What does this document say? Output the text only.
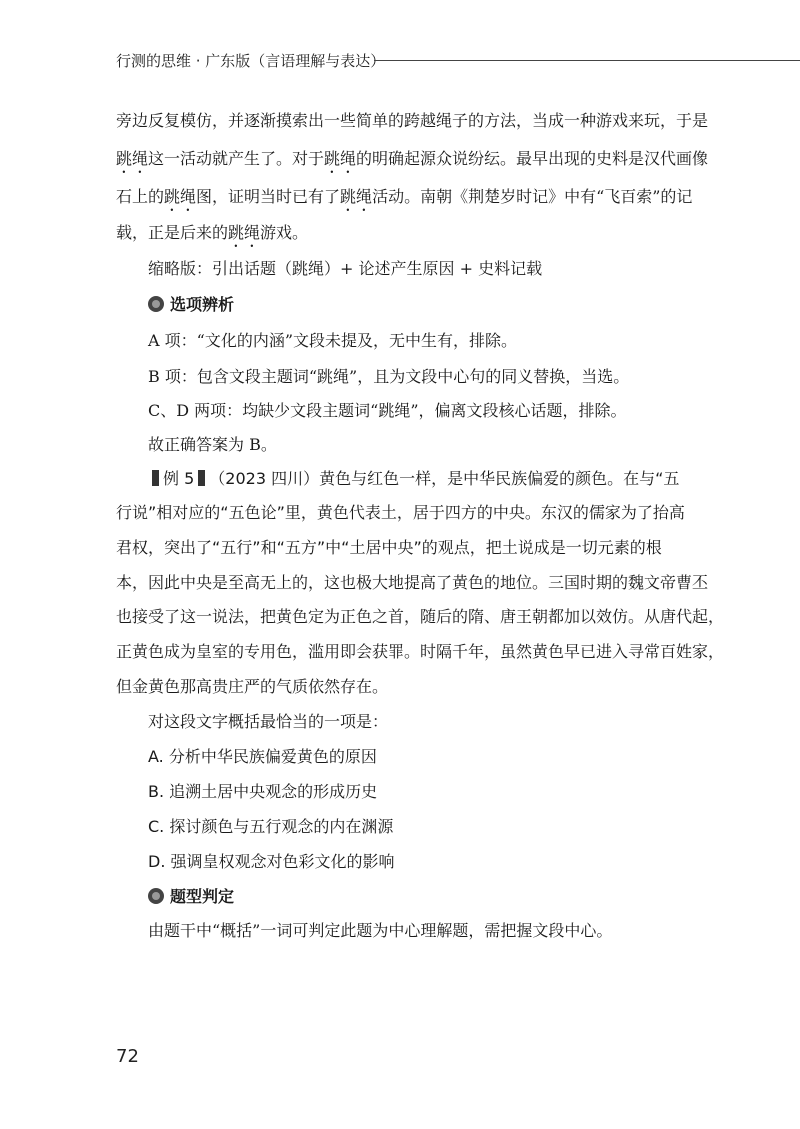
行测的思维 · 广东版（言语理解与表达）
旁边反复模仿，并逐渐摸索出一些简单的跨越绳子的方法，当成一种游戏来玩，于是
跳绳这一活动就产生了。对于跳绳的明确起源众说纷纭。最早出现的史料是汉代画像
石上的跳绳图，证明当时已有了跳绳活动。南朝《荆楚岁时记》中有“飞百索”的记
载，正是后来的跳绳游戏。
缩略版：引出话题（跳绳）+ 论述产生原因 + 史料记载
选项辨析
A 项：“文化的内涵”文段未提及，无中生有，排除。
B 项：包含文段主题词“跳绳”，且为文段中心句的同义替换，当选。
C、D 两项：均缺少文段主题词“跳绳”，偏离文段核心话题，排除。
故正确答案为 B。
例 5 （2023 四川）黄色与红色一样，是中华民族偏爱的颜色。在与“五
行说”相对应的“五色论”里，黄色代表土，居于四方的中央。东汉的儒家为了抬高
君权，突出了“五行”和“五方”中“土居中央”的观点，把土说成是一切元素的根
本，因此中央是至高无上的，这也极大地提高了黄色的地位。三国时期的魏文帝曹丕
也接受了这一说法，把黄色定为正色之首，随后的隋、唐王朝都加以效仿。从唐代起，
正黄色成为皇室的专用色，滥用即会获罪。时隔千年，虽然黄色早已进入寻常百姓家，
但金黄色那高贵庄严的气质依然存在。
对这段文字概括最恰当的一项是：
A. 分析中华民族偏爱黄色的原因
B. 追溯土居中央观念的形成历史
C. 探讨颜色与五行观念的内在渊源
D. 强调皇权观念对色彩文化的影响
题型判定
由题干中“概括”一词可判定此题为中心理解题，需把握文段中心。
72
